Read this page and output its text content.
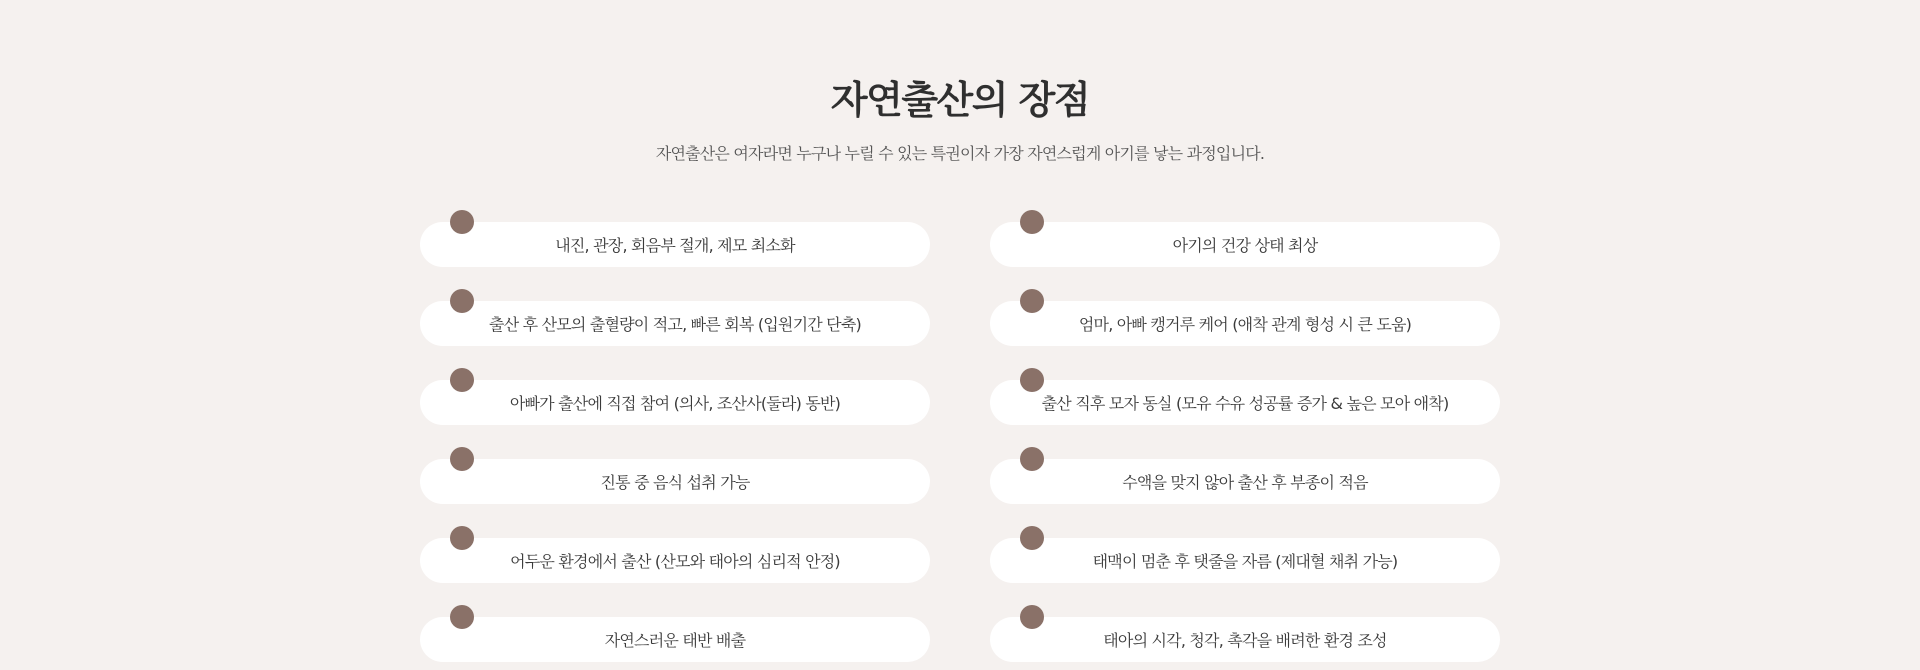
자연출산의 장점

자연출산은 여자라면 누구나 누릴 수 있는 특권이자 가장 자연스럽게 아기를 낳는 과정입니다.

내진, 관장, 회음부 절개, 제모 최소화	아기의 건강 상태 최상
출산 후 산모의 출혈량이 적고, 빠른 회복 (입원기간 단축)	엄마, 아빠 캥거루 케어 (애착 관계 형성 시 큰 도움)
아빠가 출산에 직접 참여 (의사, 조산사(둘라) 동반)	출산 직후 모자 동실 (모유 수유 성공률 증가 & 높은 모아 애착)
진통 중 음식 섭취 가능	수액을 맞지 않아 출산 후 부종이 적음
어두운 환경에서 출산 (산모와 태아의 심리적 안정)	태맥이 멈춘 후 탯줄을 자름 (제대혈 채취 가능)
자연스러운 태반 배출	태아의 시각, 청각, 촉각을 배려한 환경 조성
